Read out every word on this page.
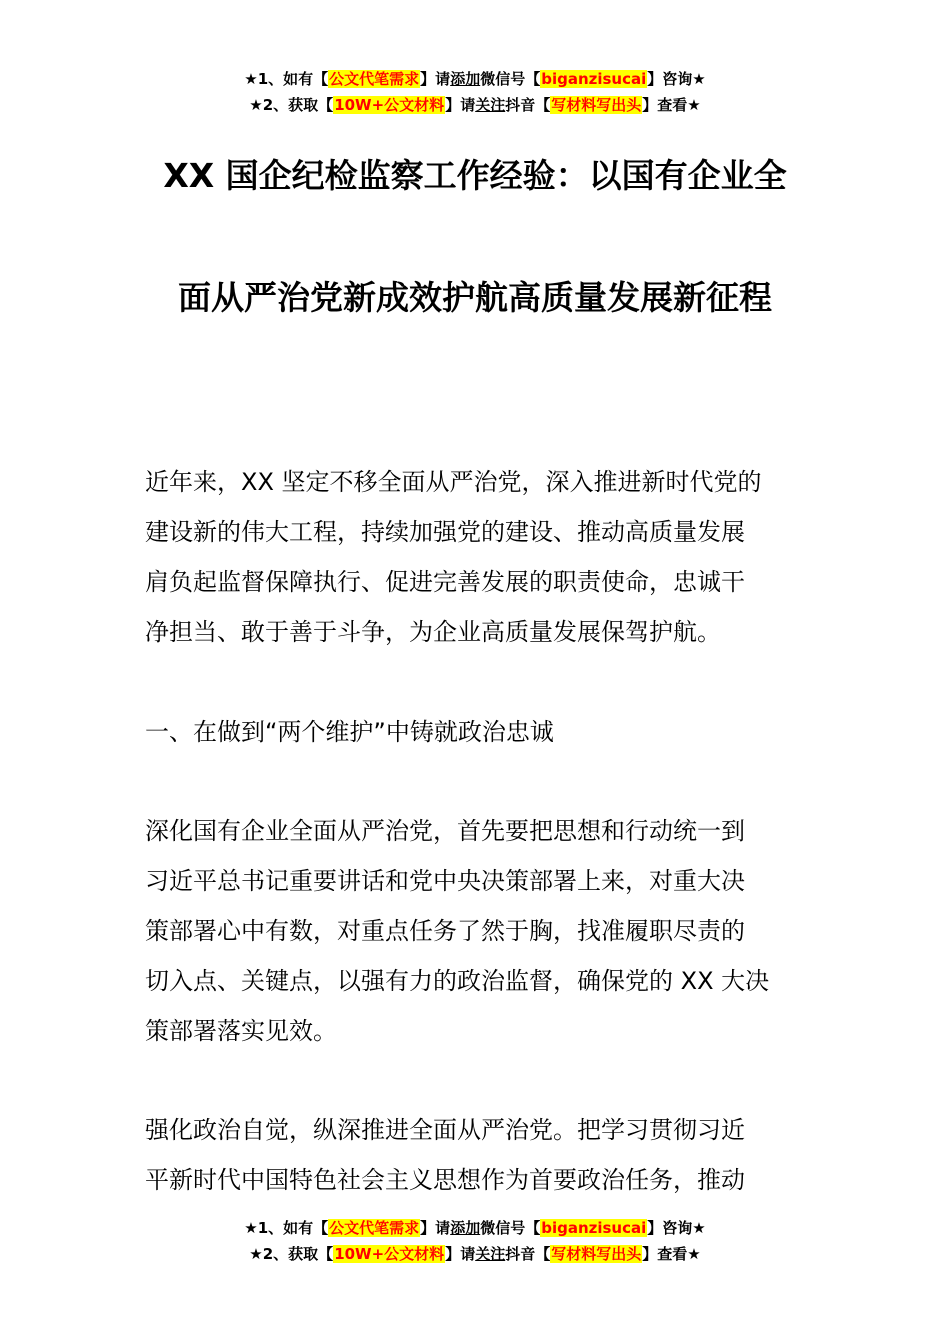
★1、如有【公文代笔需求】请添加微信号【biganzisucai】咨询★
★2、获取【10W+公文材料】请关注抖音【写材料写出头】查看★
XX 国企纪检监察工作经验：以国有企业全
面从严治党新成效护航高质量发展新征程
近年来，XX 坚定不移全面从严治党，深入推进新时代党的
建设新的伟大工程，持续加强党的建设、推动高质量发展
肩负起监督保障执行、促进完善发展的职责使命，忠诚干
净担当、敢于善于斗争，为企业高质量发展保驾护航。
一、在做到“两个维护”中铸就政治忠诚
深化国有企业全面从严治党，首先要把思想和行动统一到
习近平总书记重要讲话和党中央决策部署上来，对重大决
策部署心中有数，对重点任务了然于胸，找准履职尽责的
切入点、关键点，以强有力的政治监督，确保党的 XX 大决
策部署落实见效。
强化政治自觉，纵深推进全面从严治党。把学习贯彻习近
平新时代中国特色社会主义思想作为首要政治任务，推动
★1、如有【公文代笔需求】请添加微信号【biganzisucai】咨询★
★2、获取【10W+公文材料】请关注抖音【写材料写出头】查看★
